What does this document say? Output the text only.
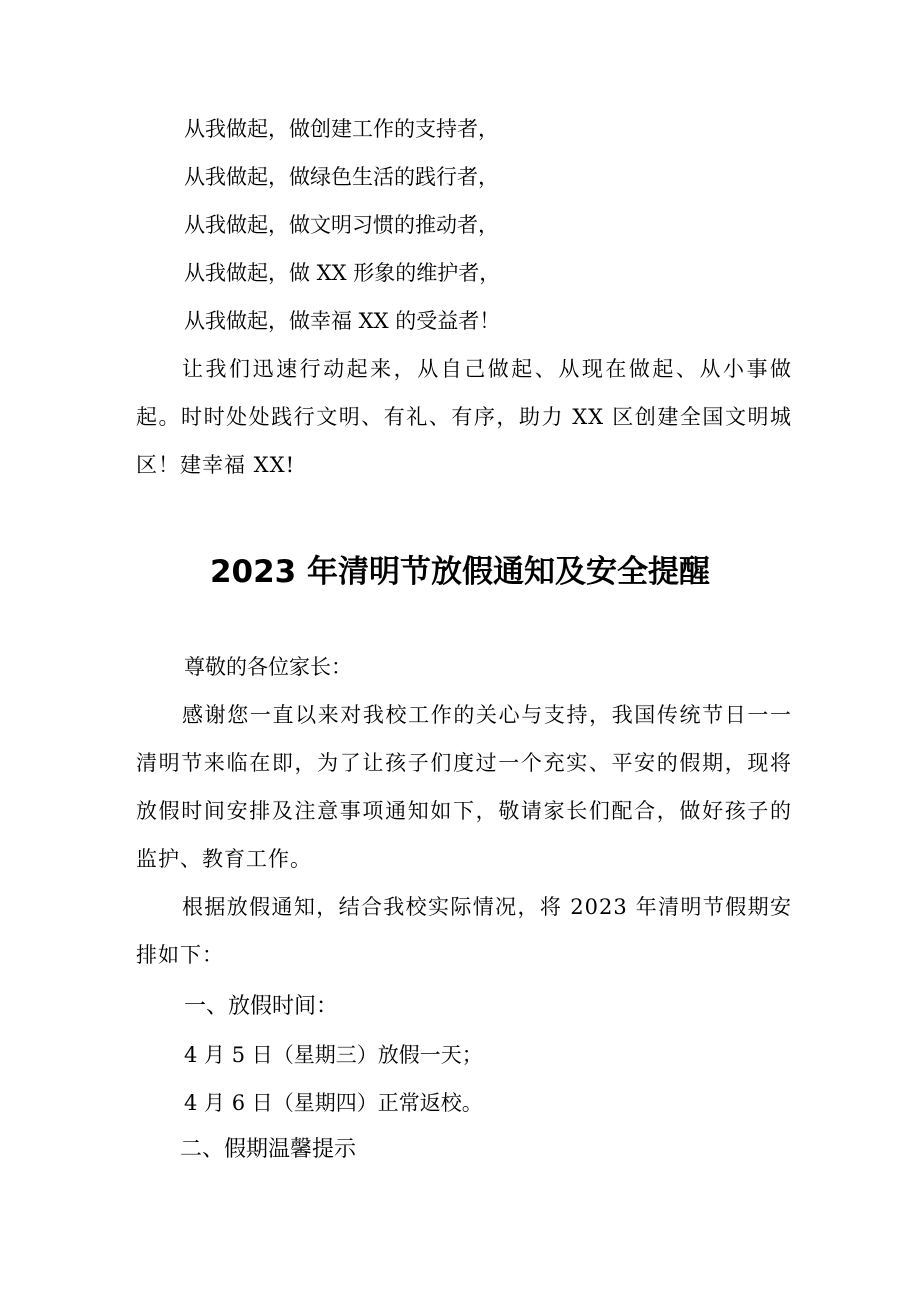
从我做起，做创建工作的支持者，

从我做起，做绿色生活的践行者，

从我做起，做文明习惯的推动者，

从我做起，做 XX 形象的维护者，

从我做起，做幸福 XX 的受益者！

让我们迅速行动起来，从自己做起、从现在做起、从小事做起。时时处处践行文明、有礼、有序，助力 XX 区创建全国文明城区！建幸福 XX!

2023 年清明节放假通知及安全提醒

尊敬的各位家长：

感谢您一直以来对我校工作的关心与支持，我国传统节日一一清明节来临在即，为了让孩子们度过一个充实、平安的假期，现将放假时间安排及注意事项通知如下，敬请家长们配合，做好孩子的监护、教育工作。

根据放假通知，结合我校实际情况，将 2023 年清明节假期安排如下：

一、放假时间：

4 月 5 日（星期三）放假一天；

4 月 6 日（星期四）正常返校。

二、假期温馨提示
